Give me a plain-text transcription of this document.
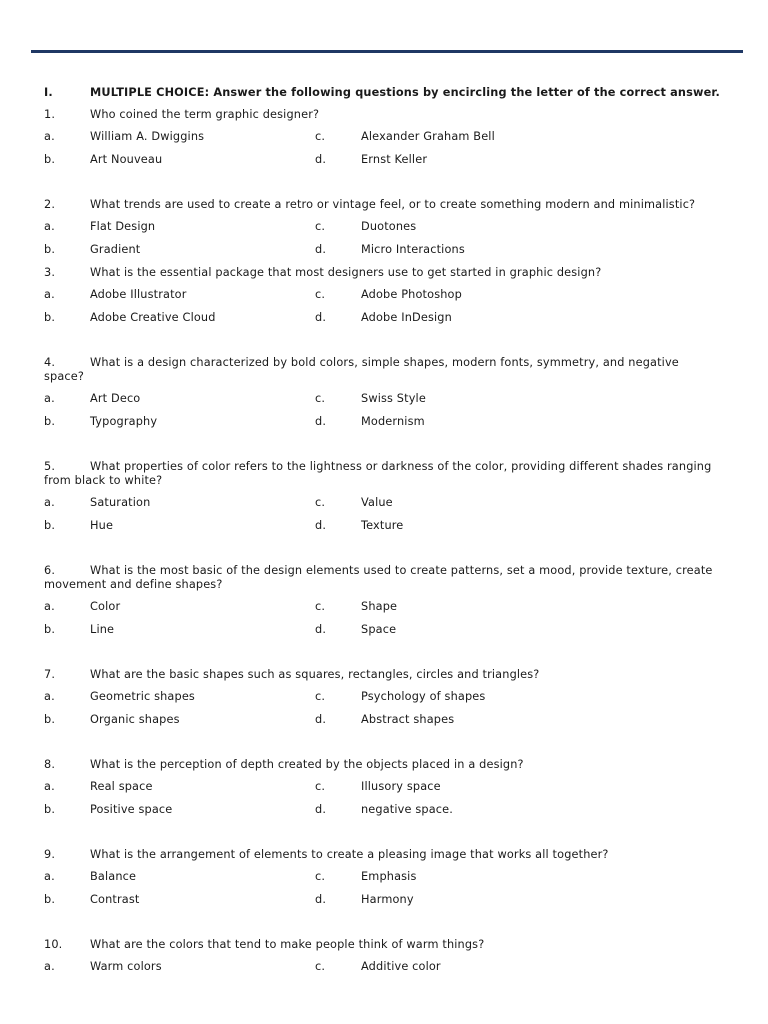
I.	MULTIPLE CHOICE: Answer the following questions by encircling the letter of the correct answer.
1.	Who coined the term graphic designer?
a.	William A. Dwiggins	c.	Alexander Graham Bell
b.	Art Nouveau	d.	Ernst Keller
2.	What trends are used to create a retro or vintage feel, or to create something modern and minimalistic?
a.	Flat Design	c.	Duotones
b.	Gradient	d.	Micro Interactions
3.	What is the essential package that most designers use to get started in graphic design?
a.	Adobe Illustrator	c.	Adobe Photoshop
b.	Adobe Creative Cloud	d.	Adobe InDesign
4.	What is a design characterized by bold colors, simple shapes, modern fonts, symmetry, and negative space?
a.	Art Deco	c.	Swiss Style
b.	Typography	d.	Modernism
5.	What properties of color refers to the lightness or darkness of the color, providing different shades ranging from black to white?
a.	Saturation	c.	Value
b.	Hue	d.	Texture
6.	What is the most basic of the design elements used to create patterns, set a mood, provide texture, create movement and define shapes?
a.	Color	c.	Shape
b.	Line	d.	Space
7.	What are the basic shapes such as squares, rectangles, circles and triangles?
a.	Geometric shapes	c.	Psychology of shapes
b.	Organic shapes	d.	Abstract shapes
8.	What is the perception of depth created by the objects placed in a design?
a.	Real space	c.	Illusory space
b.	Positive space	d.	negative space.
9.	What is the arrangement of elements to create a pleasing image that works all together?
a.	Balance	c.	Emphasis
b.	Contrast	d.	Harmony
10. What are the colors that tend to make people think of warm things?
a.	Warm colors	c.	Additive color
